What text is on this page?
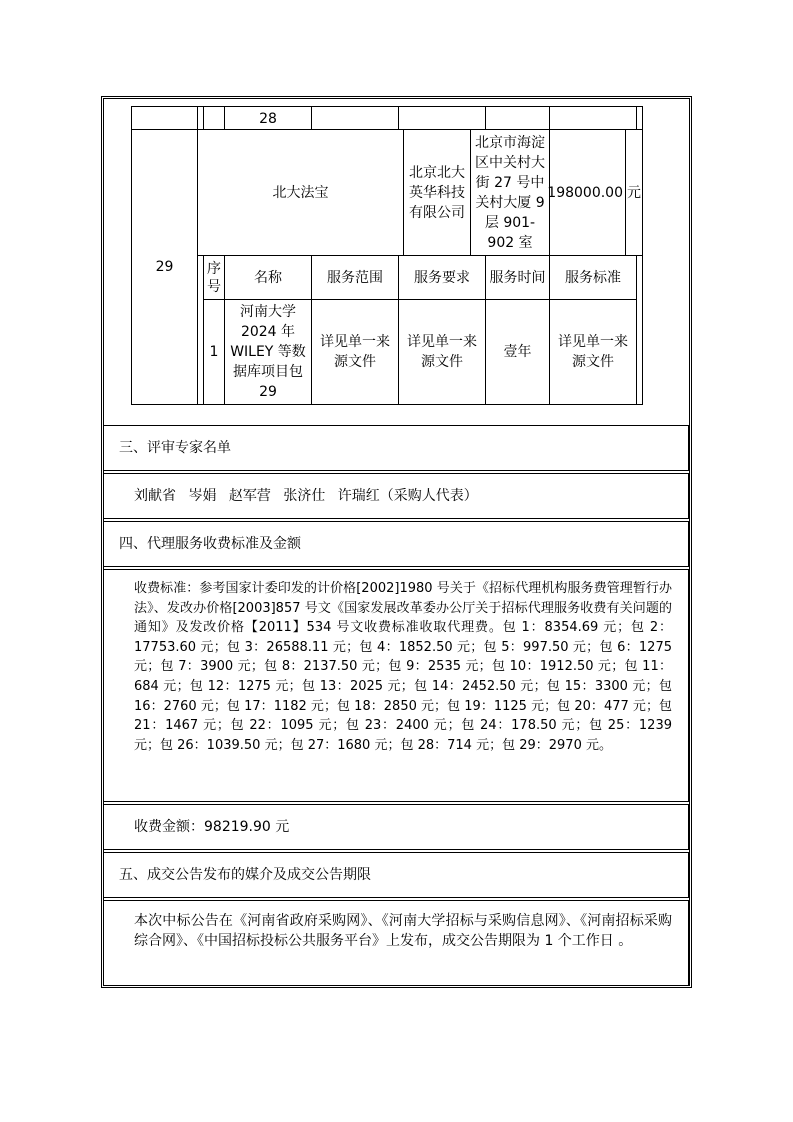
29
28
北大法宝
北京北大英华科技有限公司
北京市海淀区中关村大街 27 号中关村大厦 9 层 901-902 室
198000.00 元
序号
名称	服务范围 服务要求 服务时间 服务标准
1
河南大学 2024 年 WILEY 等数据库项目包 29
详见单一来源文件
详见单一来源文件
壹年
详见单一来源文件
三、评审专家名单
刘献省 岑娟 赵军营 张济仕 许瑞红（采购人代表）
四、代理服务收费标准及金额
收费标准：参考国家计委印发的计价格[2002]1980 号关于《招标代理机构服务费管理暂行办法》、发改办价格[2003]857 号文《国家发展改革委办公厅关于招标代理服务收费有关问题的通知》及发改价格【2011】534 号文收费标准收取代理费。包 1：8354.69 元；包 2：17753.60 元；包 3：26588.11 元；包 4：1852.50 元；包 5：997.50 元；包 6：1275 元；包 7：3900 元；包 8：2137.50 元；包 9：2535 元；包 10：1912.50 元；包 11：684 元；包 12：1275 元；包 13：2025 元；包 14：2452.50 元；包 15：3300 元；包 16：2760 元；包 17：1182 元；包 18：2850 元；包 19：1125 元；包 20：477 元；包 21：1467 元；包 22：1095 元；包 23：2400 元；包 24：178.50 元；包 25：1239 元；包 26：1039.50 元；包 27：1680 元；包 28：714 元；包 29：2970 元。
收费金额：98219.90 元
五、成交公告发布的媒介及成交公告期限
本次中标公告在《河南省政府采购网》、《河南大学招标与采购信息网》、《河南招标采购综合网》、《中国招标投标公共服务平台》上发布，成交公告期限为 1 个工作日 。
